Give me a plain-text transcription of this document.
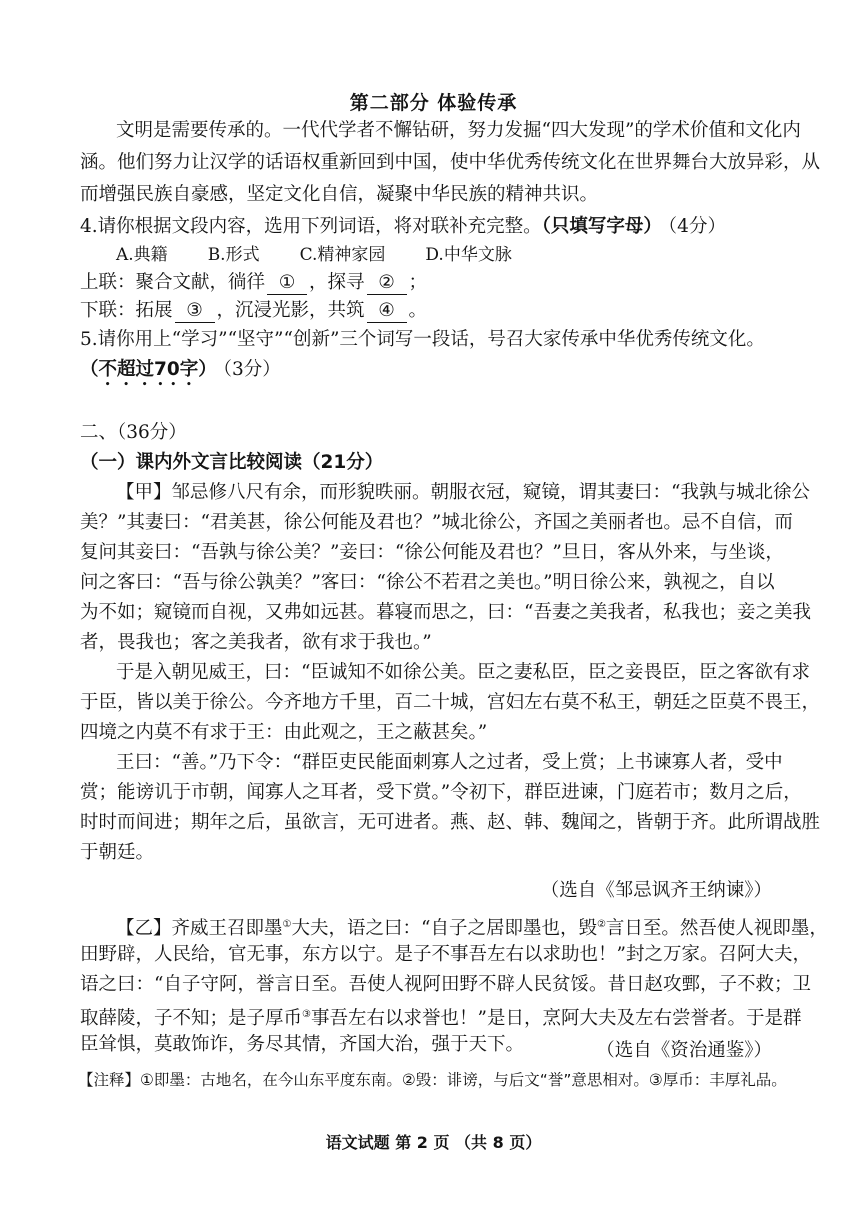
第二部分 体验传承
文明是需要传承的。一代代学者不懈钻研，努力发掘“四大发现”的学术价值和文化内
涵。他们努力让汉学的话语权重新回到中国，使中华优秀传统文化在世界舞台大放异彩，从
而增强民族自豪感，坚定文化自信，凝聚中华民族的精神共识。
4.请你根据文段内容，选用下列词语，将对联补充完整。（只填写字母） （4分）
A.典籍 B.形式 C.精神家园 D.中华文脉
上联：聚合文献，徜徉 ① ，探寻 ② ；
下联：拓展 ③ ，沉浸光影，共筑 ④ 。
5.请你用上“学习”“坚守”“创新”三个词写一段话，号召大家传承中华优秀传统文化。
（不超过70字） （3分）
二、（36分）
（一）课内外文言比较阅读（21分）
【甲】邹忌修八尺有余，而形貌昳丽。朝服衣冠，窥镜，谓其妻曰：“我孰与城北徐公
美？”其妻曰：“君美甚，徐公何能及君也？”城北徐公，齐国之美丽者也。忌不自信，而
复问其妾曰：“吾孰与徐公美？”妾曰：“徐公何能及君也？”旦日，客从外来，与坐谈，
问之客曰：“吾与徐公孰美？”客曰：“徐公不若君之美也。”明日徐公来，孰视之，自以
为不如；窥镜而自视，又弗如远甚。暮寝而思之，曰：“吾妻之美我者，私我也；妾之美我
者，畏我也；客之美我者，欲有求于我也。”
于是入朝见威王，曰：“臣诚知不如徐公美。臣之妻私臣，臣之妾畏臣，臣之客欲有求
于臣，皆以美于徐公。今齐地方千里，百二十城，宫妇左右莫不私王，朝廷之臣莫不畏王，
四境之内莫不有求于王：由此观之，王之蔽甚矣。”
王曰：“善。”乃下令：“群臣吏民能面刺寡人之过者，受上赏；上书谏寡人者，受中
赏；能谤讥于市朝，闻寡人之耳者，受下赏。”令初下，群臣进谏，门庭若市；数月之后，
时时而间进；期年之后，虽欲言，无可进者。燕、赵、韩、魏闻之，皆朝于齐。此所谓战胜
于朝廷。
（选自《邹忌讽齐王纳谏》）
【乙】齐威王召即墨①大夫，语之曰：“自子之居即墨也，毁②言日至。然吾使人视即墨，
田野辟，人民给，官无事，东方以宁。是子不事吾左右以求助也！”封之万家。召阿大夫，
语之曰：“自子守阿，誉言日至。吾使人视阿田野不辟人民贫馁。昔日赵攻鄄，子不救；卫
取薛陵，子不知；是子厚币③事吾左右以求誉也！”是日，烹阿大夫及左右尝誉者。于是群
臣耸惧，莫敢饰诈，务尽其情，齐国大治，强于天下。	（选自《资治通鉴》）
【注释】①即墨：古地名，在今山东平度东南。②毁：诽谤，与后文“誉”意思相对。③厚币：丰厚礼品。
语文试题 第 2 页 （共 8 页）
